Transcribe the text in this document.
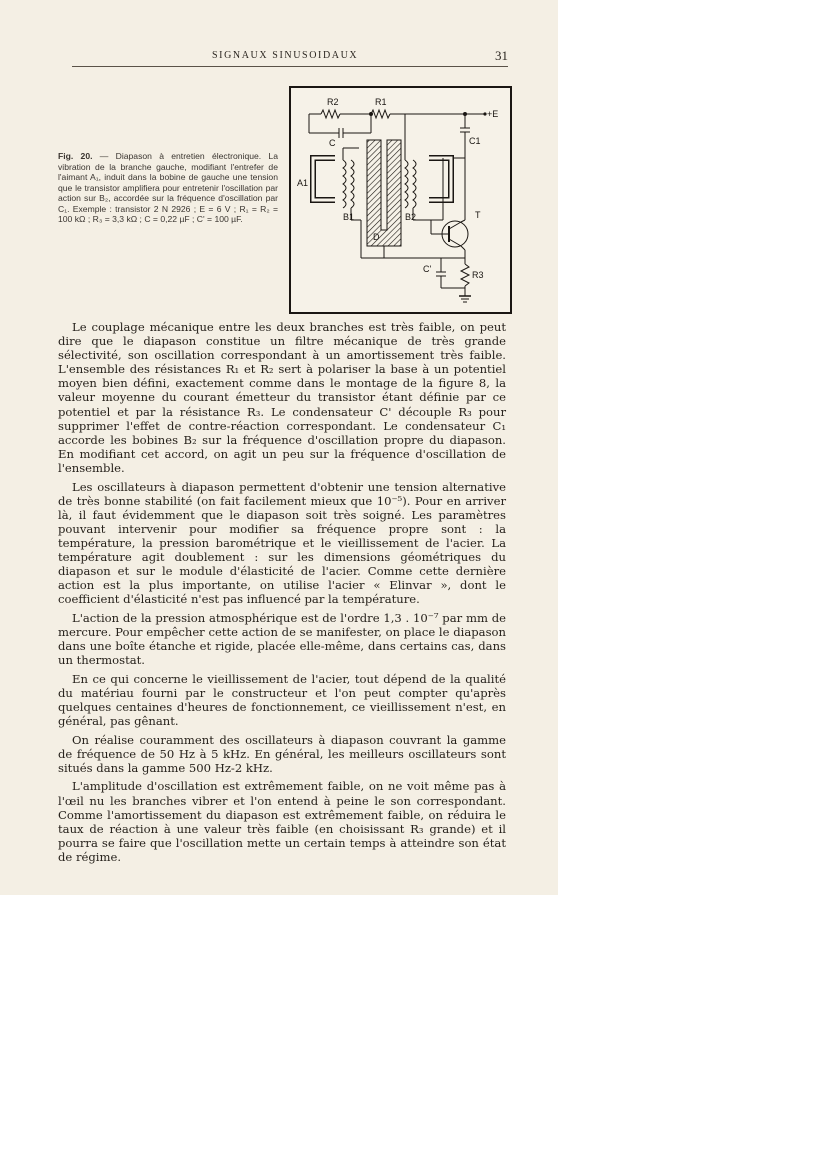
SIGNAUX SINUSOIDAUX	31
Fig. 20. — Diapason à entretien électronique. La vibration de la branche gauche, modifiant l'entrefer de l'aimant A₁, induit dans la bobine de gauche une tension que le transistor amplifiera pour entretenir l'oscillation par action sur B₂, accordée sur la fréquence d'oscillation par C₁. Exemple : transistor 2 N 2926 ; E = 6 V ; R₁ = R₂ = 100 kΩ ; R₃ = 3,3 kΩ ; C = 0,22 µF ; C' = 100 µF.
R2	R1
+E
C	C1
A1
B1	B2	T
D
C'
R3

Le couplage mécanique entre les deux branches est très faible, on peut dire que le diapason constitue un filtre mécanique de très grande sélectivité, son oscillation correspondant à un amortissement très faible. L'ensemble des résistances R₁ et R₂ sert à polariser la base à un potentiel moyen bien défini, exactement comme dans le montage de la figure 8, la valeur moyenne du courant émetteur du transistor étant définie par ce potentiel et par la résistance R₃. Le condensateur C' découple R₃ pour supprimer l'effet de contre-réaction correspondant. Le condensateur C₁ accorde les bobines B₂ sur la fréquence d'oscillation propre du diapason. En modifiant cet accord, on agit un peu sur la fréquence d'oscillation de l'ensemble.

Les oscillateurs à diapason permettent d'obtenir une tension alternative de très bonne stabilité (on fait facilement mieux que 10⁻⁵). Pour en arriver là, il faut évidemment que le diapason soit très soigné. Les paramètres pouvant intervenir pour modifier sa fréquence propre sont : la température, la pression barométrique et le vieillissement de l'acier. La température agit doublement : sur les dimensions géométriques du diapason et sur le module d'élasticité de l'acier. Comme cette dernière action est la plus importante, on utilise l'acier « Elinvar », dont le coefficient d'élasticité n'est pas influencé par la température.

L'action de la pression atmosphérique est de l'ordre 1,3 . 10⁻⁷ par mm de mercure. Pour empêcher cette action de se manifester, on place le diapason dans une boîte étanche et rigide, placée elle-même, dans certains cas, dans un thermostat.

En ce qui concerne le vieillissement de l'acier, tout dépend de la qualité du matériau fourni par le constructeur et l'on peut compter qu'après quelques centaines d'heures de fonctionnement, ce vieillissement n'est, en général, pas gênant.

On réalise couramment des oscillateurs à diapason couvrant la gamme de fréquence de 50 Hz à 5 kHz. En général, les meilleurs oscillateurs sont situés dans la gamme 500 Hz-2 kHz.

L'amplitude d'oscillation est extrêmement faible, on ne voit même pas à l'œil nu les branches vibrer et l'on entend à peine le son correspondant. Comme l'amortissement du diapason est extrêmement faible, on réduira le taux de réaction à une valeur très faible (en choisissant R₃ grande) et il pourra se faire que l'oscillation mette un certain temps à atteindre son état de régime.
